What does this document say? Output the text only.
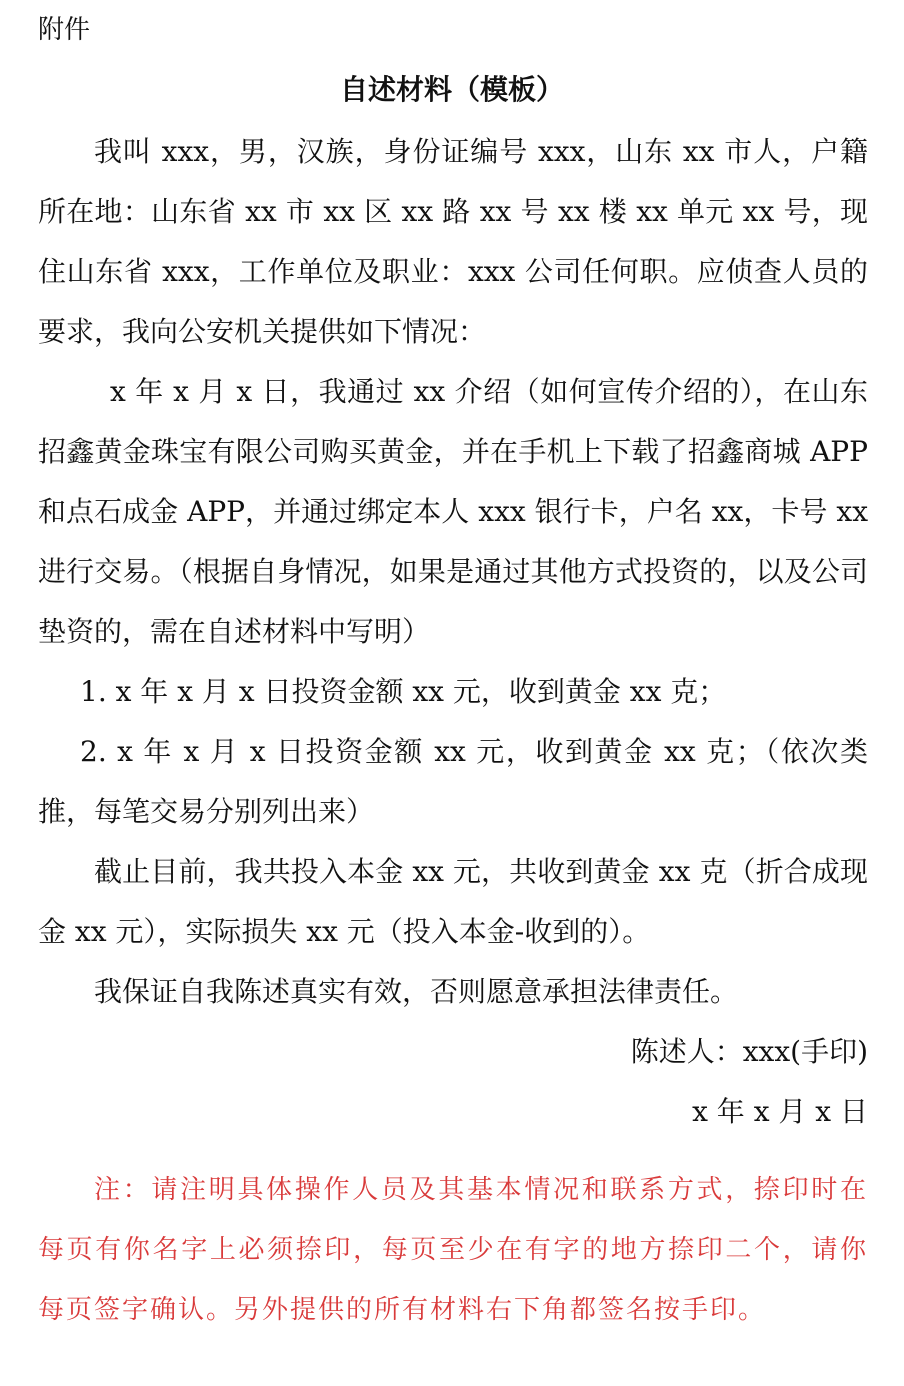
附件
自述材料（模板）

我叫 xxx，男，汉族，身份证编号 xxx，山东 xx 市人，户籍所在地：山东省 xx 市 xx 区 xx 路 xx 号 xx 楼 xx 单元 xx 号，现住山东省 xxx，工作单位及职业：xxx 公司任何职。应侦查人员的要求，我向公安机关提供如下情况：

x 年 x 月 x 日，我通过 xx 介绍（如何宣传介绍的），在山东招鑫黄金珠宝有限公司购买黄金，并在手机上下载了招鑫商城 APP 和点石成金 APP，并通过绑定本人 xxx 银行卡，户名 xx，卡号 xx 进行交易。（根据自身情况，如果是通过其他方式投资的，以及公司垫资的，需在自述材料中写明）

1. x 年 x 月 x 日投资金额 xx 元，收到黄金 xx 克；

2. x 年 x 月 x 日投资金额 xx 元，收到黄金 xx 克；（依次类推，每笔交易分别列出来）

截止目前，我共投入本金 xx 元，共收到黄金 xx 克（折合成现金 xx 元），实际损失 xx 元（投入本金-收到的）。

我保证自我陈述真实有效，否则愿意承担法律责任。

陈述人：xxx(手印)

x 年 x 月 x 日

注：请注明具体操作人员及其基本情况和联系方式，捺印时在每页有你名字上必须捺印，每页至少在有字的地方捺印二个，请你每页签字确认。另外提供的所有材料右下角都签名按手印。
